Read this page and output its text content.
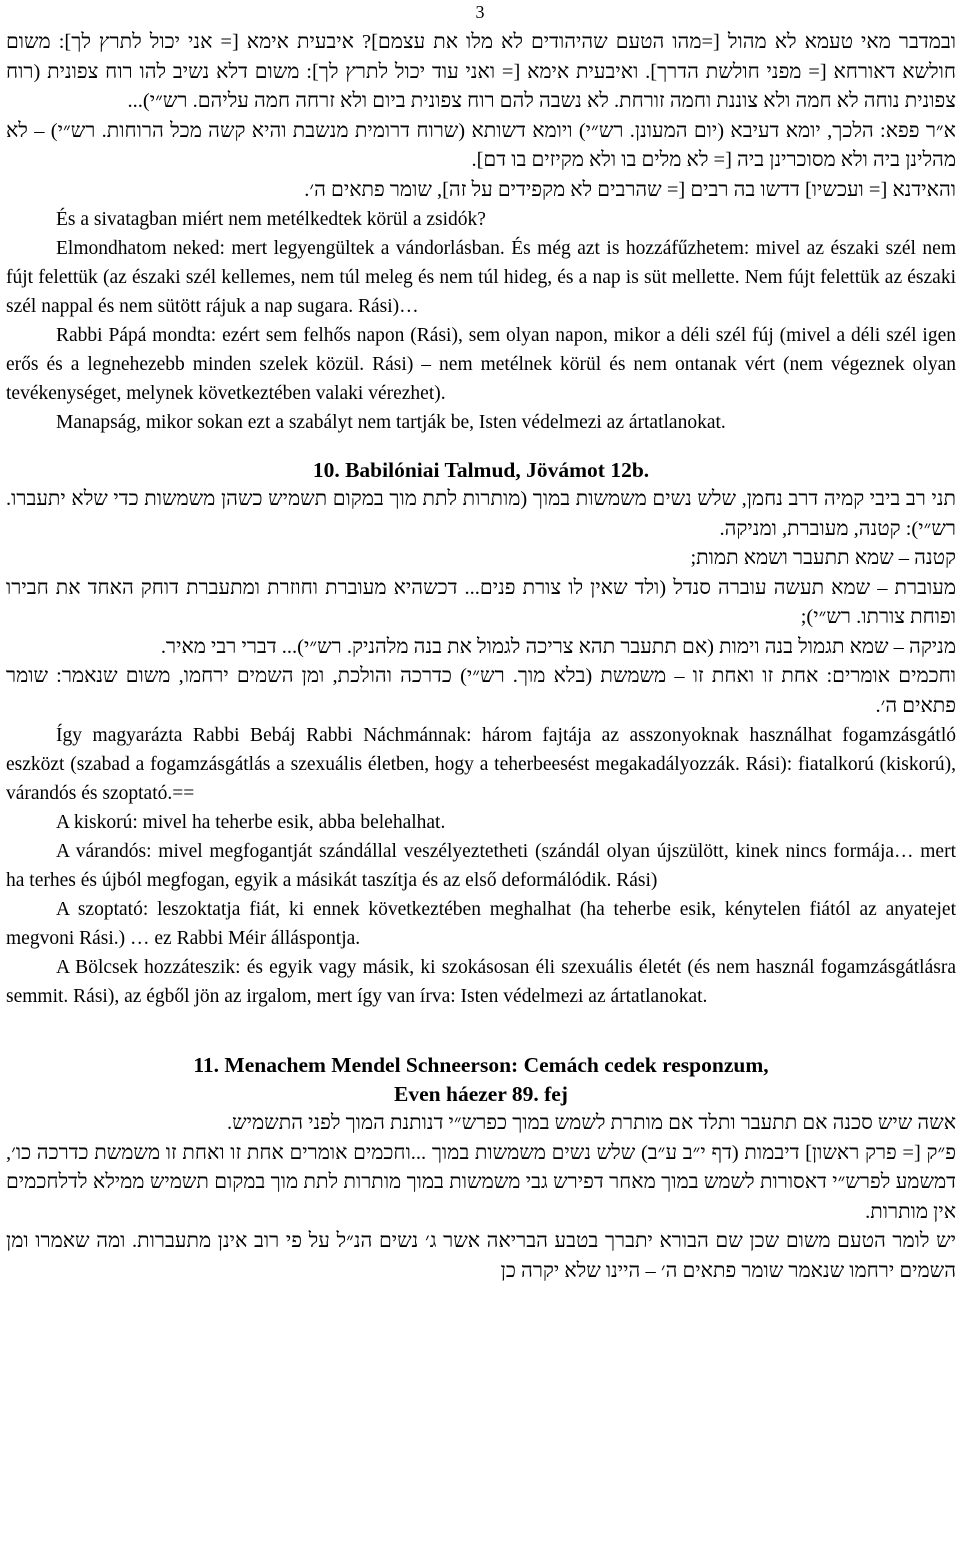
3

ובמדבר מאי טעמא לא מהול [=מהו הטעם שהיהודים לא מלו את עצמם]? איבעית אימא [= אני יכול לתרץ לך]: משום חולשא דאורחא [= מפני חולשת הדרך]. ואיבעית אימא [= ואני עוד יכול לתרץ לך]: משום דלא נשיב להו רוח צפונית (רוח צפונית נוחה לא חמה ולא צוננת וחמה זורחת. לא נשבה להם רוח צפונית ביום ולא זרחה חמה עליהם. רש״י)...

א״ר פפא: הלכך, יומא דעיבא (יום המעונן. רש״י) ויומא דשותא (שרוח דרומית מנשבת והיא קשה מכל הרוחות. רש״י) – לא מהלינן ביה ולא מסוכרינן ביה [= לא מלים בו ולא מקיזים בו דם].

והאידנא [= ועכשיו] דדשו בה רבים [= שהרבים לא מקפידים על זה], שומר פתאים ה׳.

És a sivatagban miért nem metélkedtek körül a zsidók?

Elmondhatom neked: mert legyengültek a vándorlásban. És még azt is hozzáfűzhetem: mivel az északi szél nem fújt felettük (az északi szél kellemes, nem túl meleg és nem túl hideg, és a nap is süt mellette. Nem fújt felettük az északi szél nappal és nem sütött rájuk a nap sugara. Rási)…

Rabbi Pápá mondta: ezért sem felhős napon (Rási), sem olyan napon, mikor a déli szél fúj (mivel a déli szél igen erős és a legnehezebb minden szelek közül. Rási) – nem metélnek körül és nem ontanak vért (nem végeznek olyan tevékenységet, melynek következtében valaki vérezhet).

Manapság, mikor sokan ezt a szabályt nem tartják be, Isten védelmezi az ártatlanokat.

10. Babilóniai Talmud, Jövámot 12b.

תני רב ביבי קמיה דרב נחמן, שלש נשים משמשות במוך (מותרות לתת מוך במקום תשמיש כשהן משמשות כדי שלא יתעברו. רש״י): קטנה, מעוברת, ומניקה.

קטנה – שמא תתעבר ושמא תמות;

מעוברת – שמא תעשה עוברה סנדל (ולד שאין לו צורת פנים... דכשהיא מעוברת וחוזרת ומתעברת דוחק האחד את חבירו ופוחת צורתו. רש״י);

מניקה – שמא תגמול בנה וימות (אם תתעבר תהא צריכה לגמול את בנה מלהניק. רש״י)... דברי רבי מאיר.

וחכמים אומרים: אחת זו ואחת זו – משמשת (בלא מוך. רש״י) כדרכה והולכת, ומן השמים ירחמו, משום שנאמר: שומר פתאים ה׳.

Így magyarázta Rabbi Bebáj Rabbi Náchmánnak: három fajtája az asszonyoknak használhat fogamzásgátló eszközt (szabad a fogamzásgátlás a szexuális életben, hogy a teherbeesést megakadályozzák. Rási): fiatalkorú (kiskorú), várandós és szoptató.==

A kiskorú: mivel ha teherbe esik, abba belehalhat.

A várandós: mivel megfogantját szándállal veszélyeztetheti (szándál olyan újszülött, kinek nincs formája… mert ha terhes és újból megfogan, egyik a másikát taszítja és az első deformálódik. Rási)

A szoptató: leszoktatja fiát, ki ennek következtében meghalhat (ha teherbe esik, kénytelen fiától az anyatejet megvoni Rási.) … ez Rabbi Méir álláspontja.

A Bölcsek hozzáteszik: és egyik vagy másik, ki szokásosan éli szexuális életét (és nem használ fogamzásgátlásra semmit. Rási), az égből jön az irgalom, mert így van írva: Isten védelmezi az ártatlanokat.

11. Menachem Mendel Schneerson: Cemách cedek responzum,

Even háezer 89. fej

אשה שיש סכנה אם תתעבר ותלד אם מותרת לשמש במוך כפרש״י דנותנת המוך לפני התשמיש.

פ״ק [= פרק ראשון] דיבמות (דף י״ב ע״ב) שלש נשים משמשות במוך ...וחכמים אומרים אחת זו ואחת זו משמשת כדרכה כו׳, דמשמע לפרש״י דאסורות לשמש במוך מאחר דפירש גבי משמשות במוך מותרות לתת מוך במקום תשמיש ממילא לדלחכמים אין מותרות.

יש לומר הטעם משום שכן שם הבורא יתברך בטבע הבריאה אשר ג׳ נשים הנ״ל על פי רוב אינן מתעברות. ומה שאמרו ומן השמים ירחמו שנאמר שומר פתאים ה׳ – היינו שלא יקרה כן
